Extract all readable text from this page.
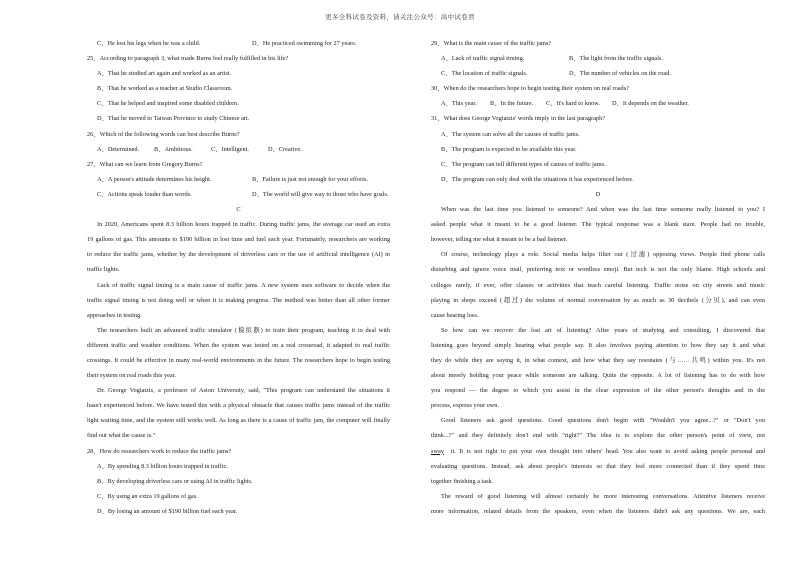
更多全科试卷及资料，请关注公众号：高中试卷君
C、He lost his legs when he was a child.	D、He practiced swimming for 27 years.
25、According to paragraph 3, what made Burns feel really fulfilled in his life?
A、That he studied art again and worked as an artist.
B、That he worked as a teacher at Studio Classroom.
C、That he helped and inspired some disabled children.
D、That he moved to Taiwan Province to study Chinese art.
26、Which of the following words can best describe Burns?
A、Determined.	B、Ambitious.	C、Intelligent.	D、Creative.
27、What can we learn from Gregory Burns?
A、A person's attitude determines his height.	B、Failure is just not enough for your efforts.
C、Actions speak louder than words.	D、The world will give way to those who have goals.
C
In 2020, Americans spent 8.3 billion hours trapped in traffic. During traffic jams, the average car used an extra
19 gallons of gas. This amounts to $190 billion in lost time and fuel each year. Fortunately, researchers are working
to reduce the traffic jams, whether by the development of driverless cars or the use of artificial intelligence (AI) in
traffic lights.
Lack of traffic signal timing is a main cause of traffic jams. A new system uses software to decide when the
traffic signal timing is not doing well or when it is making progress. The method was better than all other former
approaches in testing.
The researchers built an advanced traffic simulator (模拟器) to train their program, teaching it to deal with
different traffic and weather conditions. When the system was tested on a real crossroad, it adapted to real traffic
crossings. It could be effective in many real-world environments in the future. The researchers hope to begin testing
their system on real roads this year.
Dr. George Vogiatzis, a professor of Aston University, said, "This program can understand the situations it
hasn't experienced before. We have tested this with a physical obstacle that causes traffic jams instead of the traffic
light waiting time, and the system still works well. As long as there is a cause of traffic jam, the computer will finally
find out what the cause is."
28、How do researchers work to reduce the traffic jams?
A、By spending 8.3 billion hours trapped in traffic.
B、By developing driverless cars or using AI in traffic lights.
C、By using an extra 19 gallons of gas.
D、By losing an amount of $190 billion fuel each year.
29、What is the main cause of the traffic jams?
A、Lack of traffic signal timing.	B、The light from the traffic signals.
C、The location of traffic signals.	D、The number of vehicles on the road.
30、When do the researchers hope to begin testing their system on real roads?
A、This year.	B、In the future.	C、It's hard to know.	D、It depends on the weather.
31、What does George Vogiatzis' words imply in the last paragraph?
A、The system can solve all the causes of traffic jams.
B、The program is expected to be available this year.
C、The program can tell different types of causes of traffic jams.
D、The program can only deal with the situations it has experienced before.
D
When was the last time you listened to someone? And when was the last time someone really listened to you? I
asked people what it meant to be a good listener. The typical response was a blank stare. People had no trouble,
however, telling me what it meant to be a bad listener.
Of course, technology plays a role. Social media helps filter out (过滤) opposing views. People find phone calls
disturbing and ignore voice mail, preferring text or wordless emoji. But tech is not the only blame. High schools and
colleges rarely, if ever, offer classes or activities that teach careful listening. Traffic noise on city streets and music
playing in shops exceed (超过) the volume of normal conversation by as much as 30 decibels (分贝), and can even
cause hearing loss.
So how can we recover the lost art of listening? After years of studying and consulting, I discovered that
listening goes beyond simply hearing what people say. It also involves paying attention to how they say it and what
they do while they are saying it, in what context, and how what they say resonates (与……共鸣) within you. It's not
about merely holding your peace while someone are talking. Quite the opposite. A lot of listening has to do with how
you respond — the degree to which you assist in the clear expression of the other person's thoughts and in the
process, express your own.
Good listeners ask good questions. Good questions don't begin with "Wouldn't you agree...?" or "Don't you
think...?" and they definitely don't end with "right?" The idea is to explore the other person's point of view, not
sway it. It is not right to put your own thought into others' head. You also want to avoid asking people personal and
evaluating questions. Instead, ask about people's interests so that they feel more connected than if they spend time
together finishing a task.
The reward of good listening will almost certainly be more interesting conversations. Attentive listeners receive
more information, related details from the speakers, even when the listeners didn't ask any questions. We are, each
